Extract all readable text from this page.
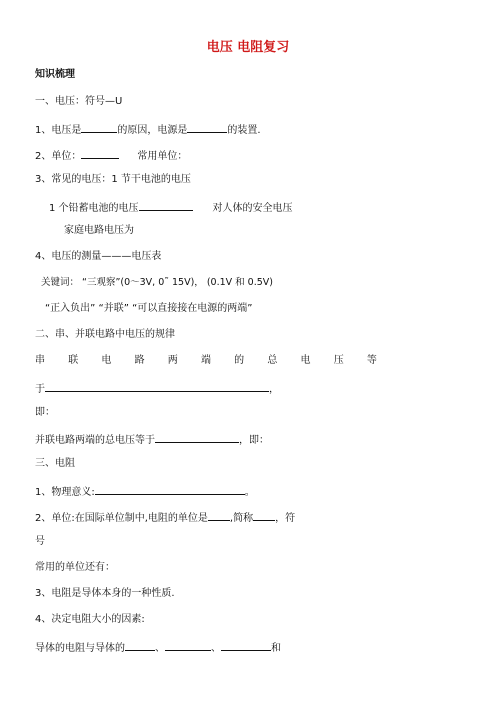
电压 电阻复习
知识梳理
一、电压：符号—U
1、电压是	的原因，电源是	的装置.
2、单位：	常用单位：
3、常见的电压：1 节干电池的电压
1 个铅蓄电池的电压	对人体的安全电压
家庭电路电压为
4、电压的测量———电压表
关键词： “三观察”(0～3V, 0˜ 15V)， (0.1V 和 0.5V)
“正入负出” “并联” “可以直接接在电源的两端”
二、串、并联电路中电压的规律
串 联 电 路 两 端 的 总 电 压 等
于	，
即：
并联电路两端的总电压等于	，即：
三、电阻
1、物理意义:	。
2、单位:在国际单位制中,电阻的单位是 ,简称 ，符
号
常用的单位还有：
3、电阻是导体本身的一种性质.
4、决定电阻大小的因素:
导体的电阻与导体的	、	、	和
